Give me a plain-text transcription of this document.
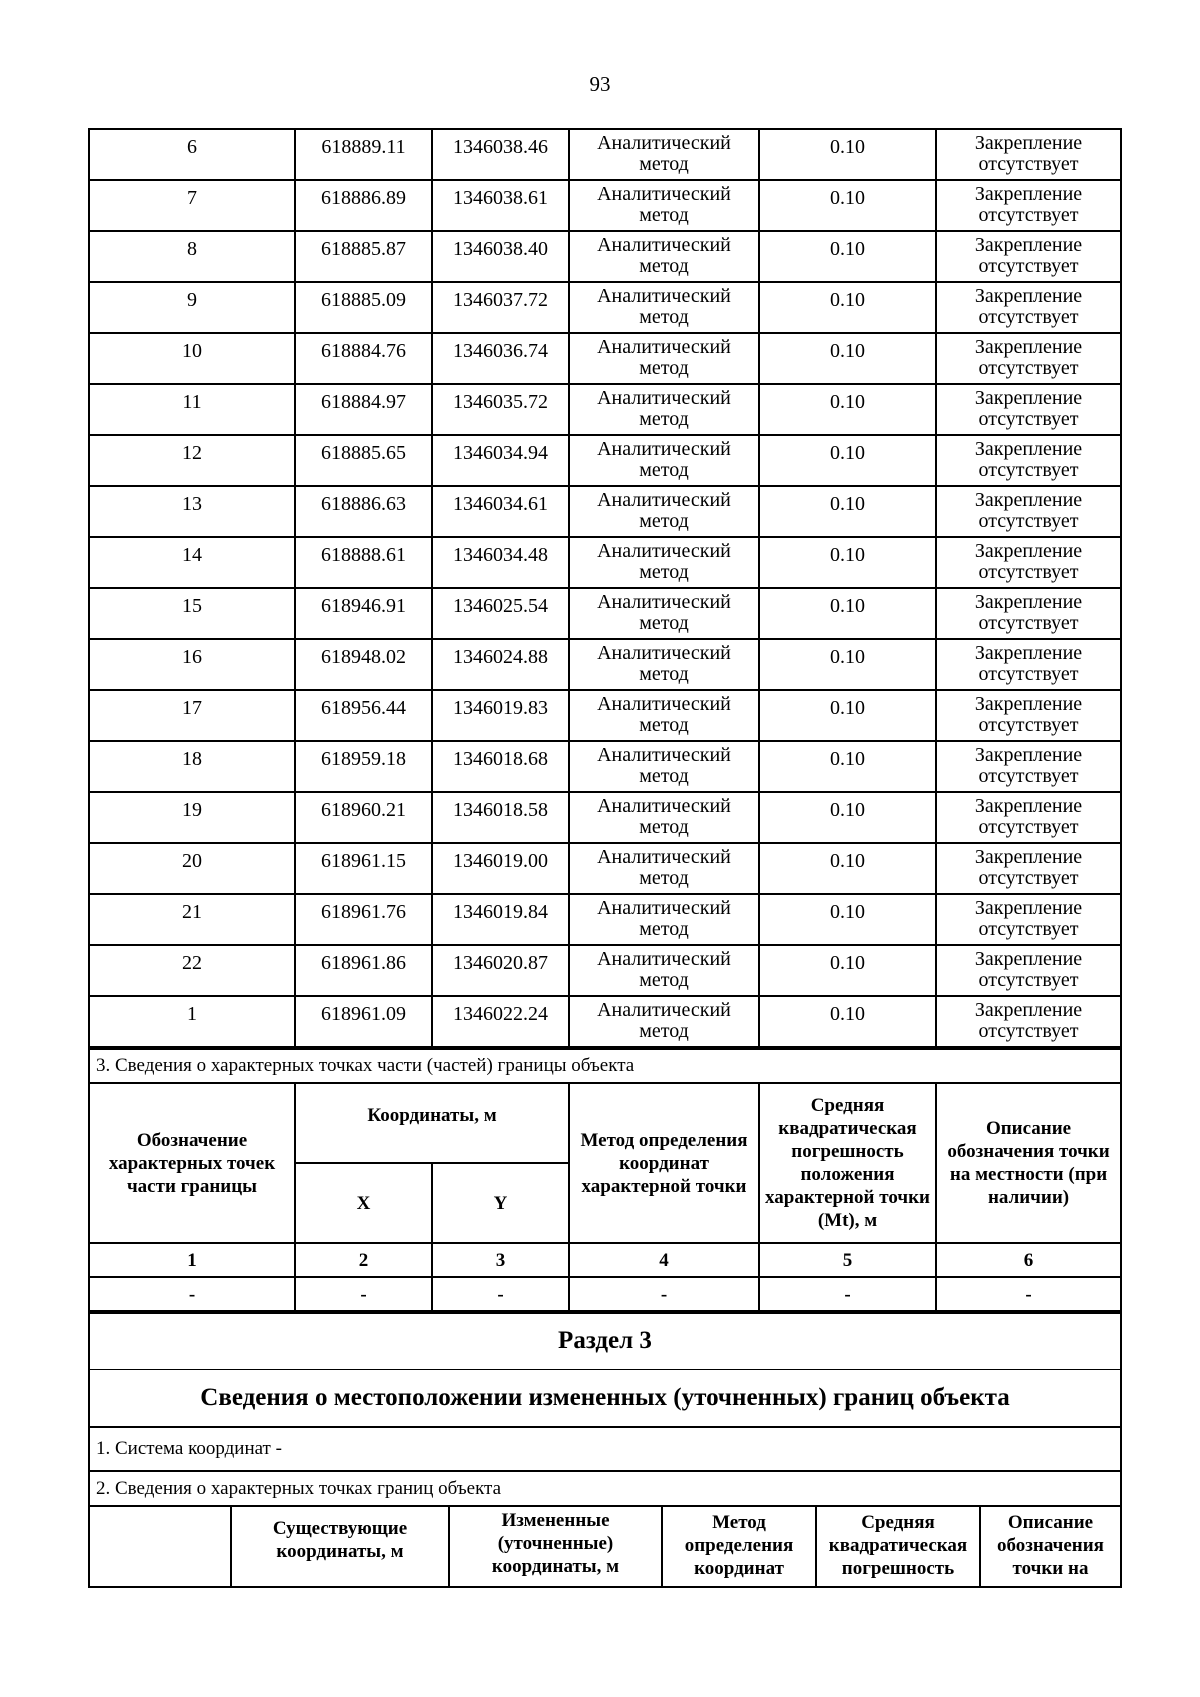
93
6	618889.11	1346038.46	Аналитический метод	0.10	Закрепление отсутствует
7	618886.89	1346038.61	Аналитический метод	0.10	Закрепление отсутствует
8	618885.87	1346038.40	Аналитический метод	0.10	Закрепление отсутствует
9	618885.09	1346037.72	Аналитический метод	0.10	Закрепление отсутствует
10	618884.76	1346036.74	Аналитический метод	0.10	Закрепление отсутствует
11	618884.97	1346035.72	Аналитический метод	0.10	Закрепление отсутствует
12	618885.65	1346034.94	Аналитический метод	0.10	Закрепление отсутствует
13	618886.63	1346034.61	Аналитический метод	0.10	Закрепление отсутствует
14	618888.61	1346034.48	Аналитический метод	0.10	Закрепление отсутствует
15	618946.91	1346025.54	Аналитический метод	0.10	Закрепление отсутствует
16	618948.02	1346024.88	Аналитический метод	0.10	Закрепление отсутствует
17	618956.44	1346019.83	Аналитический метод	0.10	Закрепление отсутствует
18	618959.18	1346018.68	Аналитический метод	0.10	Закрепление отсутствует
19	618960.21	1346018.58	Аналитический метод	0.10	Закрепление отсутствует
20	618961.15	1346019.00	Аналитический метод	0.10	Закрепление отсутствует
21	618961.76	1346019.84	Аналитический метод	0.10	Закрепление отсутствует
22	618961.86	1346020.87	Аналитический метод	0.10	Закрепление отсутствует
1	618961.09	1346022.24	Аналитический метод	0.10	Закрепление отсутствует
3. Сведения о характерных точках части (частей) границы объекта					
Обозначение характерных точек части границы	Координаты, м		Метод определения координат характерной точки	Средняя квадратическая погрешность положения характерной точки (Mt), м	Описание обозначения точки на местности (при наличии)
	X	Y			
1	2	3	4	5	6
-	-	-	-	-	-
Раздел 3
Сведения о местоположении измененных (уточненных) границ объекта
1. Система координат -
2. Сведения о характерных точках границ объекта
	Существующие координаты, м	Измененные (уточненные) координаты, м	Метод определения координат	Средняя квадратическая погрешность	Описание обозначения точки на
